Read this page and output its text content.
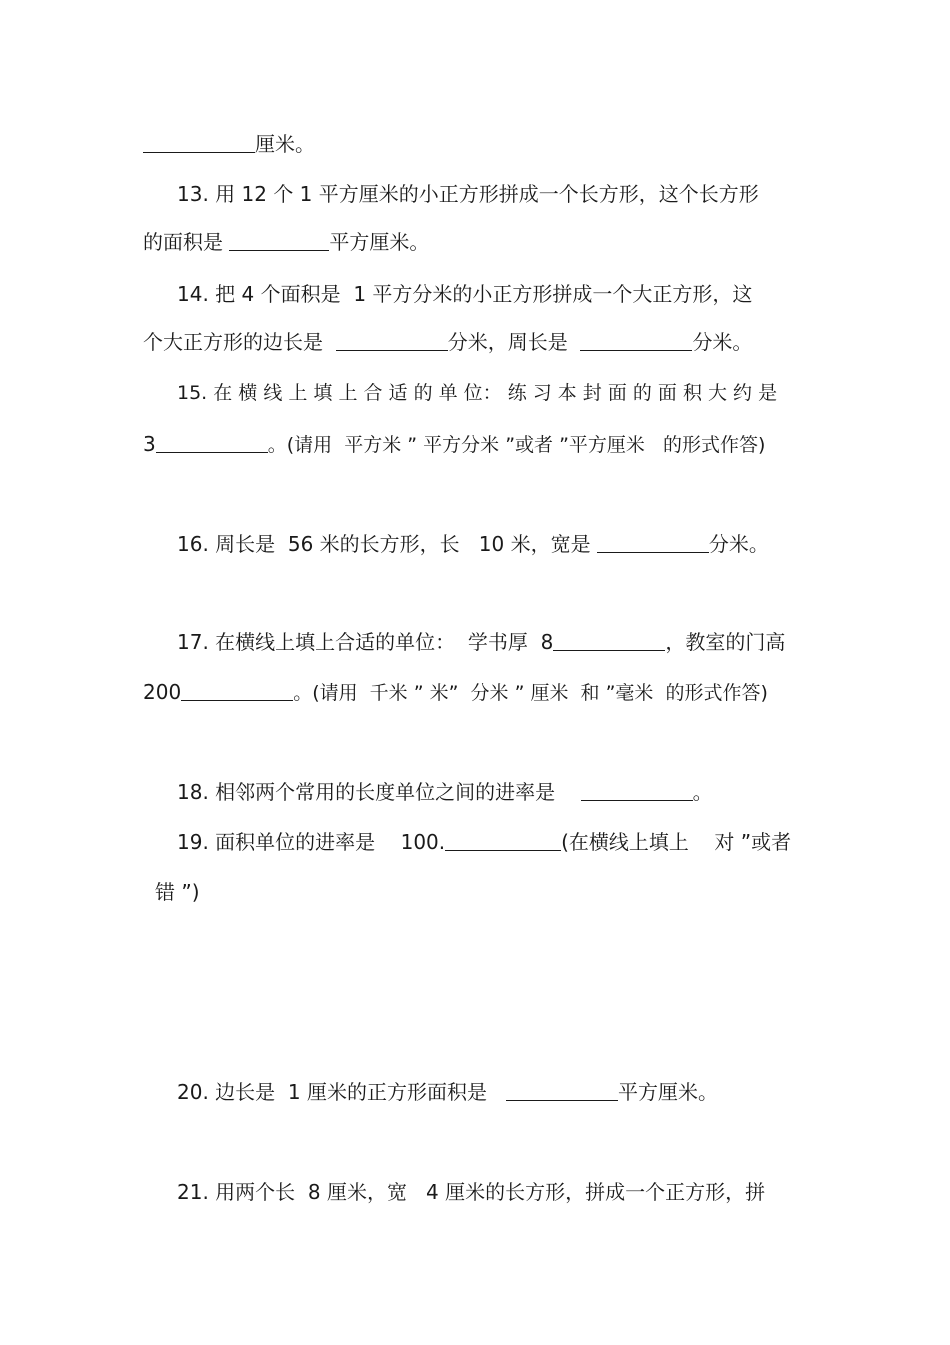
厘米。
13. 用 12 个 1 平方厘米的小正方形拼成一个长方形，这个长方形
的面积是	平方厘米。
14. 把 4 个面积是  1 平方分米的小正方形拼成一个大正方形，这
个大正方形的边长是	分米，周长是	分米。
15. 在 横 线 上 填 上 合 适 的 单 位： 练 习 本 封 面 的 面 积 大 约 是
3	。(请用  平方米 ” 平方分米 ”或者 ”平方厘米   的形式作答)
16. 周长是  56 米的长方形，长   10 米，宽是	分米。
17. 在横线上填上合适的单位：  学书厚  8	，教室的门高
200	。(请用  千米 ” 米”  分米 ” 厘米  和 ”毫米  的形式作答)
18. 相邻两个常用的长度单位之间的进率是	。
19. 面积单位的进率是    100.	(在横线上填上    对 ”或者
错 ”)
20. 边长是  1 厘米的正方形面积是	平方厘米。
21. 用两个长  8 厘米，宽   4 厘米的长方形，拼成一个正方形，拼
